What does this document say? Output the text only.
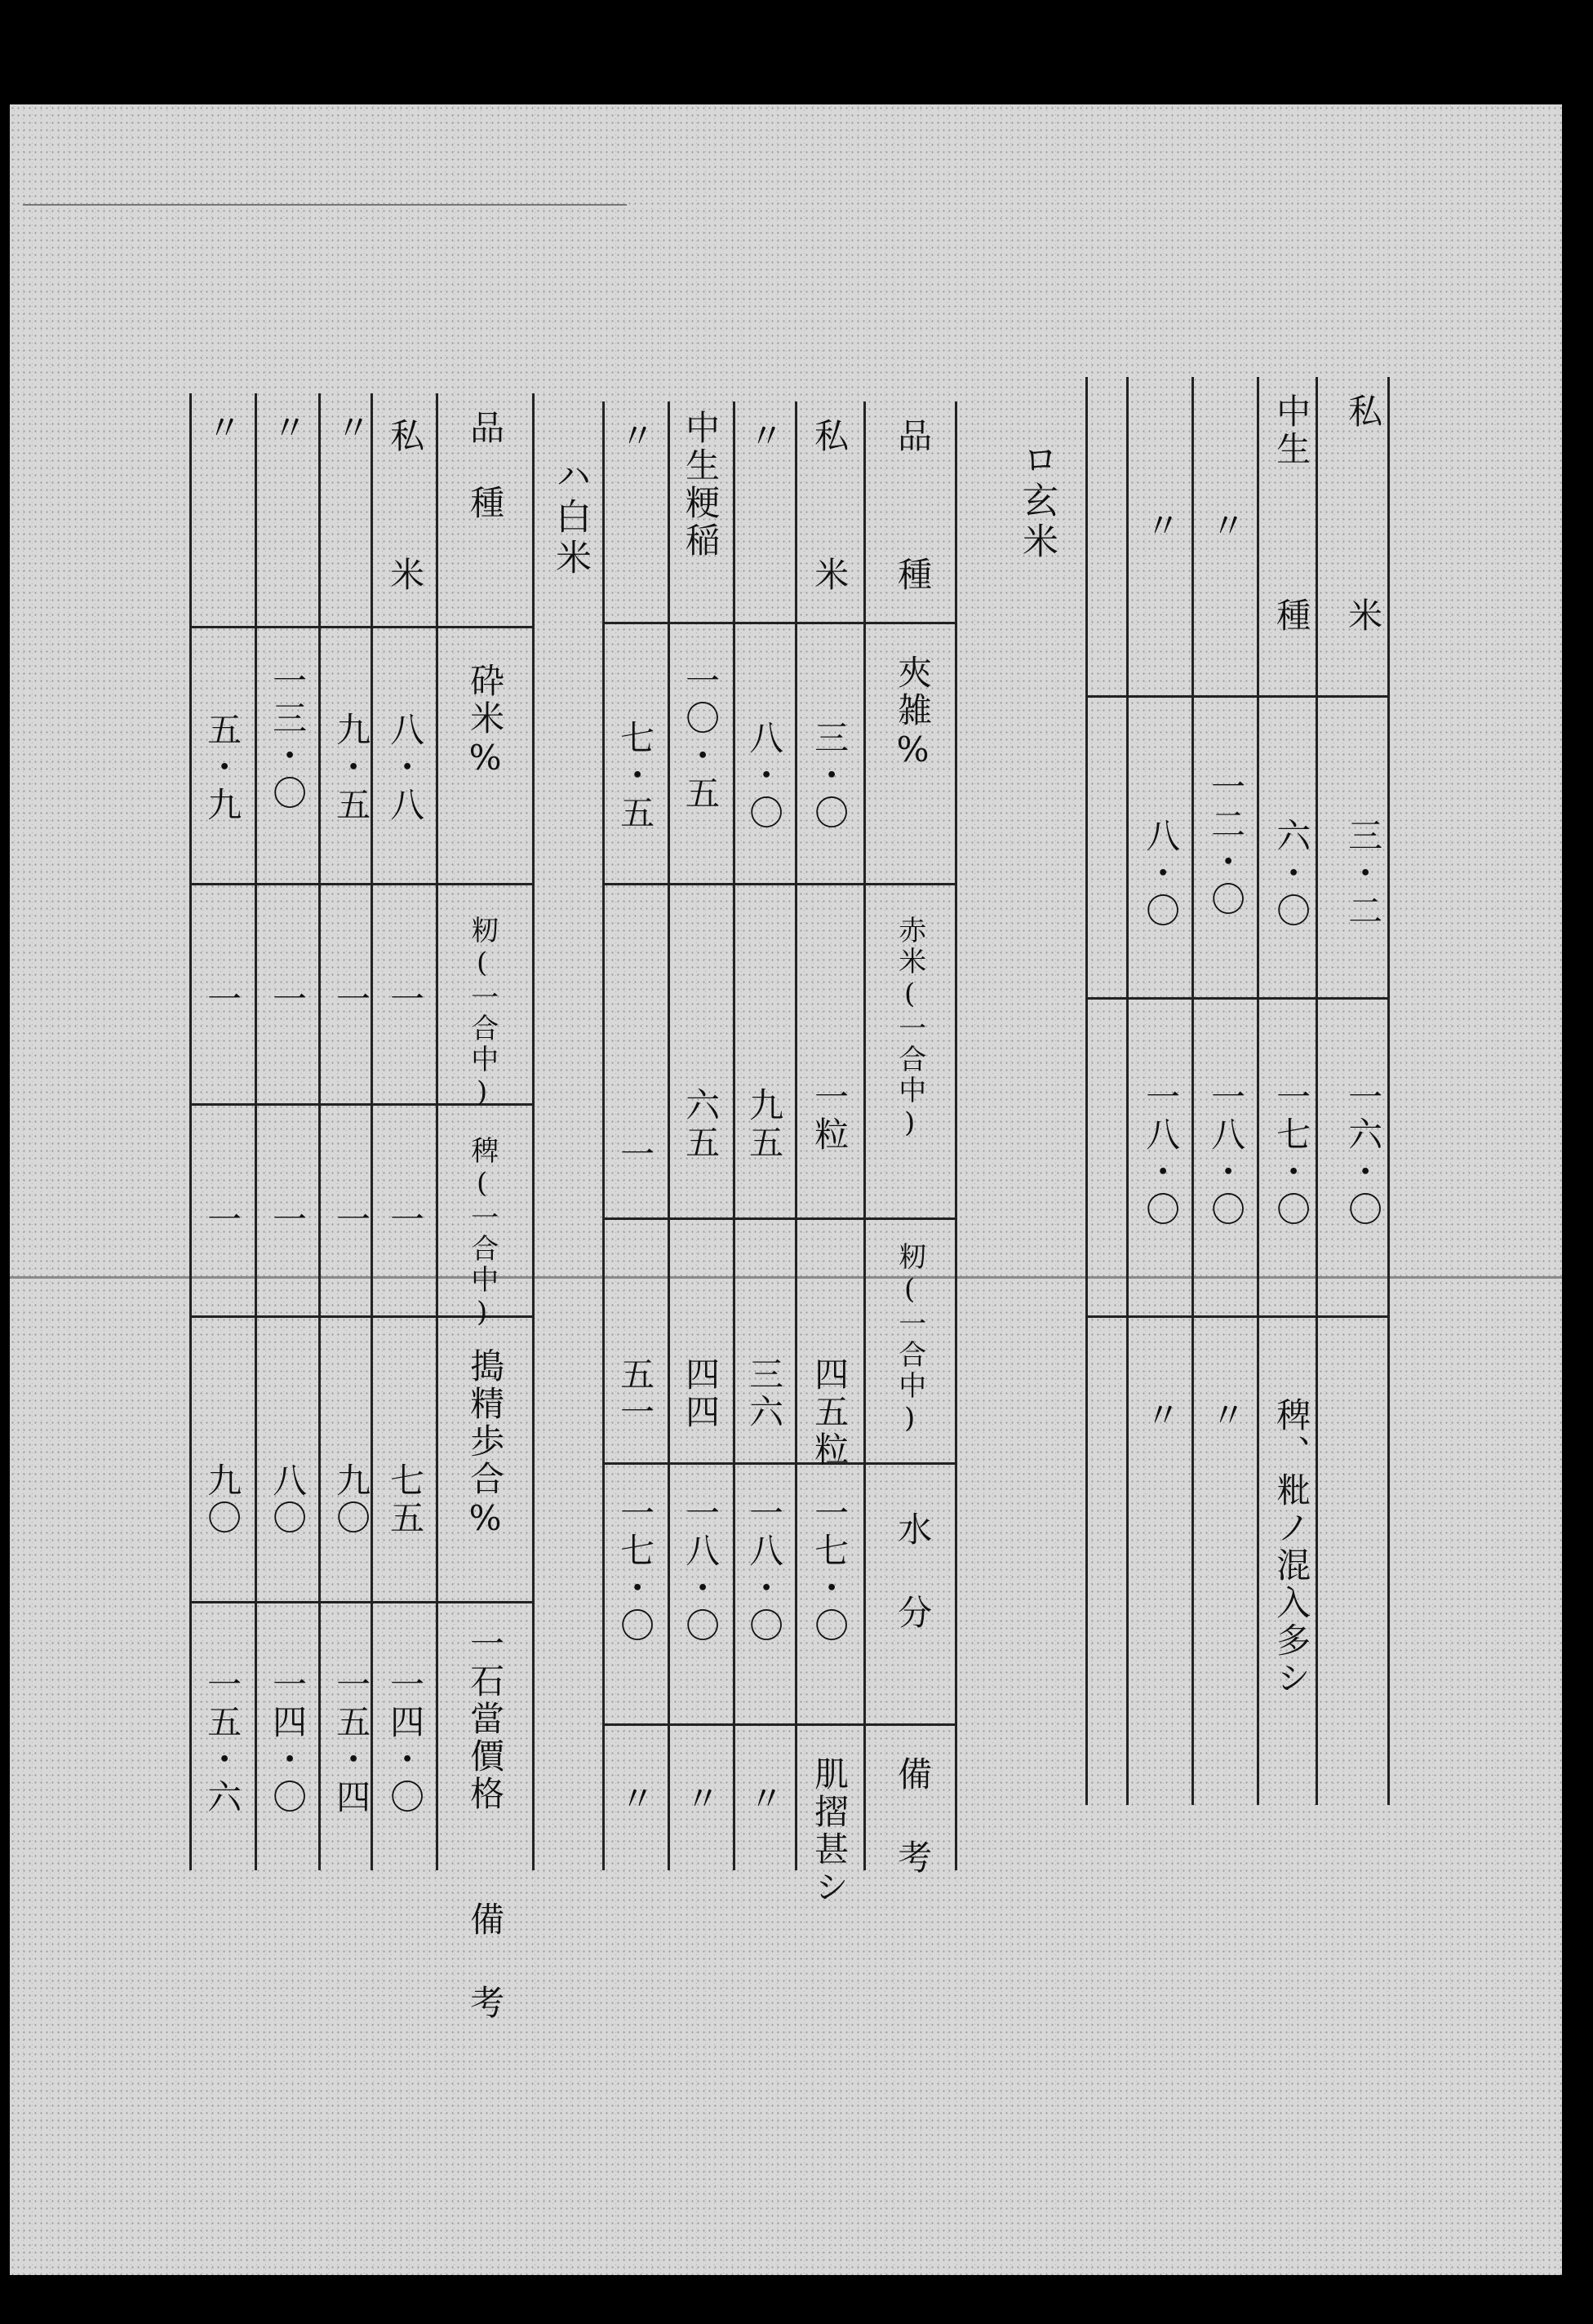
私
米
中生
種
〃
〃
三・二
六・〇
一二・〇
八・〇
一六・〇
一七・〇
一八・〇
一八・〇
稗、粃ノ混入多シ
〃
〃
ロ玄米
品
種
米
私
〃
中生粳稲
〃
夾雑%
三・〇
八・〇
一〇・五
七・五
赤米(一合中)
一粒
九五
六五
一
籾(一合中)
四五粒
三六
四四
五一
水分
一七・〇
一八・〇
一八・〇
一七・〇
備考
肌摺甚シ
〃
〃
〃
ハ白米
品種
米
私
〃
〃
〃
砕米%
八・八
九・五
一三・〇
五・九
籾(一合中)
一
一
一
一
稗(一合中)
一
一
一
一
搗精歩合%
七五
九〇
八〇
九〇
一石當價格
一四・〇
一五・四
一四・〇
一五・六
備考
